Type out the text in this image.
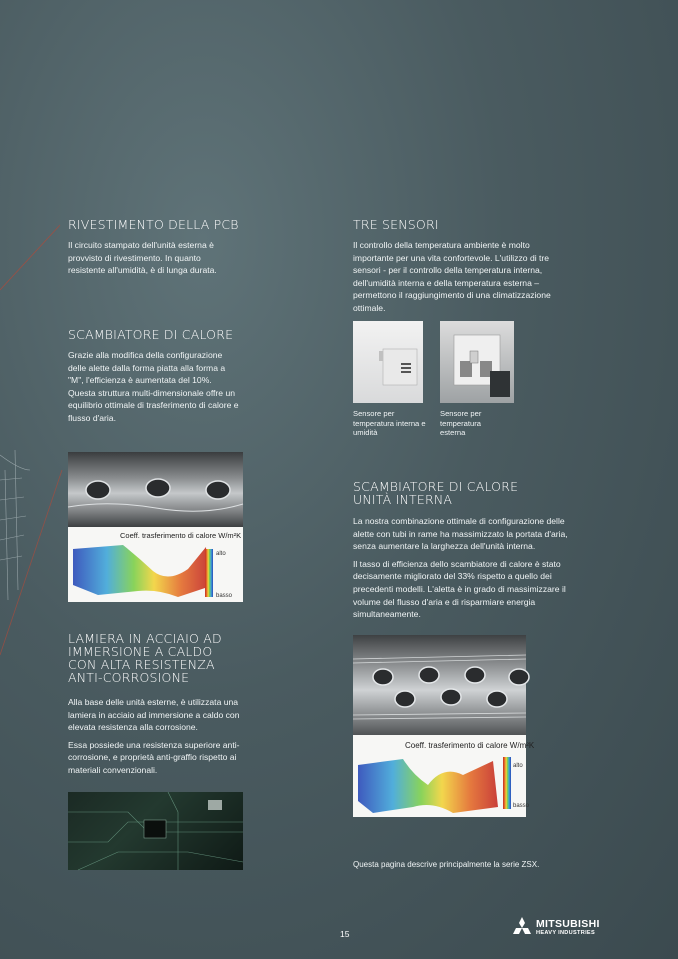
RIVESTIMENTO DELLA PCB

Il circuito stampato dell'unità esterna è provvisto di rivestimento. In quanto resistente all'umidità, è di lunga durata.

SCAMBIATORE DI CALORE

Grazie alla modifica della configurazione delle alette dalla forma piatta alla forma a "M", l'efficienza è aumentata del 10%. Questa struttura multi-dimensionale offre un equilibrio ottimale di trasferimento di calore e flusso d'aria.

Coeff. trasferimento di calore W/m²K
alto
basso
LAMIERA IN ACCIAIO AD IMMERSIONE A CALDO CON ALTA RESISTENZA ANTI-CORROSIONE

Alla base delle unità esterne, è utilizzata una lamiera in acciaio ad immersione a caldo con elevata resistenza alla corrosione.

Essa possiede una resistenza superiore anti-corrosione, e proprietà anti-graffio rispetto ai materiali convenzionali.

TRE SENSORI

Il controllo della temperatura ambiente è molto importante per una vita confortevole. L'utilizzo di tre sensori - per il controllo della temperatura interna, dell'umidità interna e della temperatura esterna – permettono il raggiungimento di una climatizzazione ottimale.

Sensore per temperatura interna e umidità
Sensore per temperatura esterna
SCAMBIATORE DI CALORE UNITÀ INTERNA

La nostra combinazione ottimale di configurazione delle alette con tubi in rame ha massimizzato la portata d'aria, senza aumentare la larghezza dell'unità interna.

Il tasso di efficienza dello scambiatore di calore è stato decisamente migliorato del 33% rispetto a quello dei precedenti modelli. L'aletta è in grado di massimizzare il volume del flusso d'aria e di risparmiare energia simultaneamente.

Coeff. trasferimento di calore W/m²K
alto
basso
Questa pagina descrive principalmente la serie ZSX.
15
MITSUBISHI
HEAVY INDUSTRIES
